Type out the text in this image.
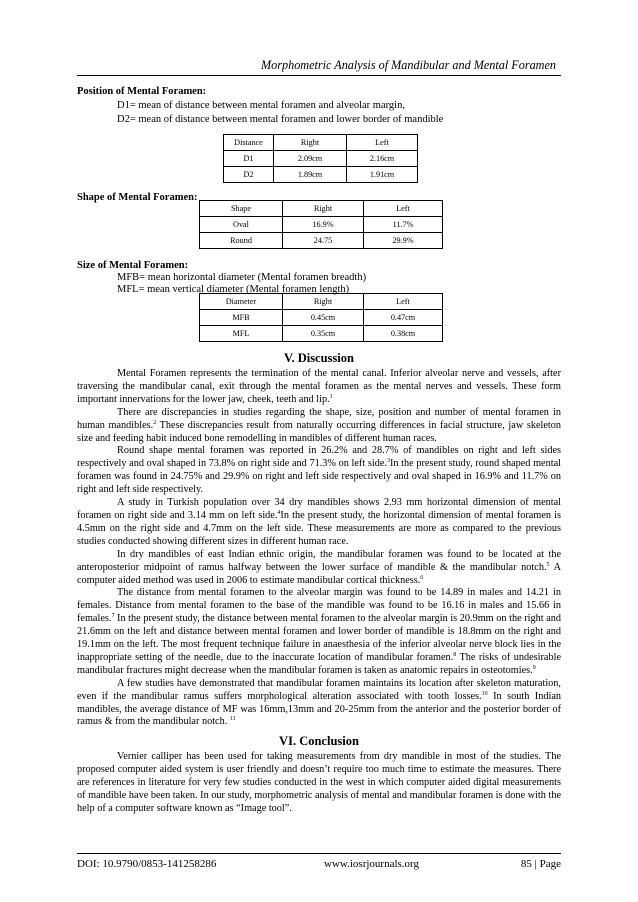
Morphometric Analysis of Mandibular and Mental Foramen
Position of Mental Foramen:
D1= mean of distance between mental foramen and alveolar margin,
D2= mean of distance between mental foramen and lower border of mandible
Distance	Right	Left
D1	2.09cm	2.16cm
D2	1.89cm	1.91cm
Shape of Mental Foramen:
Shape	Right	Left
Oval	16.9%	11.7%
Round	24.75	29.9%
Size of Mental Foramen:
MFB= mean horizontal diameter (Mental foramen breadth)
MFL= mean vertical diameter (Mental foramen length)
Diameter	Right	Left
MFB	0.45cm	0.47cm
MFL	0.35cm	0.38cm
V. Discussion

Mental Foramen represents the termination of the mental canal. Inferior alveolar nerve and vessels, after traversing the mandibular canal, exit through the mental foramen as the mental nerves and vessels. These form important innervations for the lower jaw, cheek, teeth and lip.$^1$

There are discrepancies in studies regarding the shape, size, position and number of mental foramen in human mandibles.$^2$ These discrepancies result from naturally occurring differences in facial structure, jaw skeleton size and feeding habit induced bone remodelling in mandibles of different human races.

Round shape mental foramen was reported in 26.2% and 28.7% of mandibles on right and left sides respectively and oval shaped in 73.8% on right side and 71.3% on left side.$^3$In the present study, round shaped mental foramen was found in 24.75% and 29.9% on right and left side respectively and oval shaped in 16.9% and 11.7% on right and left side respectively.

A study in Turkish population over 34 dry mandibles shows 2.93 mm horizontal dimension of mental foramen on right side and 3.14 mm on left side.$^4$In the present study, the horizontal dimension of mental foramen is 4.5mm on the right side and 4.7mm on the left side. These measurements are more as compared to the previous studies conducted showing different sizes in different human race.

In dry mandibles of east Indian ethnic origin, the mandibular foramen was found to be located at the anteroposterior midpoint of ramus halfway between the lower surface of mandible & the mandibular notch.$^5$ A computer aided method was used in 2006 to estimate mandibular cortical thickness.$^6$

The distance from mental foramen to the alveolar margin was found to be 14.89 in males and 14.21 in females. Distance from mental foramen to the base of the mandible was found to be 16.16 in males and 15.66 in females.$^7$ In the present study, the distance between mental foramen to the alveolar margin is 20.9mm on the right and 21.6mm on the left and distance between mental foramen and lower border of mandible is 18.8mm on the right and 19.1mm on the left. The most frequent technique failure in anaesthesia of the inferior alveolar nerve block lies in the inappropriate setting of the needle, due to the inaccurate location of mandibular foramen.$^8$ The risks of undesirable mandibular fractures might decrease when the mandibular foramen is taken as anatomic repairs in osteotomies.$^9$

A few studies have demonstrated that mandibular foramen maintains its location after skeleton maturation, even if the mandibular ramus suffers morphological alteration associated with tooth losses.$^{10}$ In south Indian mandibles, the average distance of MF was 16mm,13mm and 20-25mm from the anterior and the posterior border of ramus & from the mandibular notch. $^{11}$

VI. Conclusion

Vernier calliper has been used for taking measurements from dry mandible in most of the studies. The proposed computer aided system is user friendly and doesn’t require too much time to estimate the measures. There are references in literature for very few studies conducted in the west in which computer aided digital measurements of mandible have been taken. In our study, morphometric analysis of mental and mandibular foramen is done with the help of a computer software known as “Image tool”.

DOI: 10.9790/0853-141258286	www.iosrjournals.org	85 | Page
